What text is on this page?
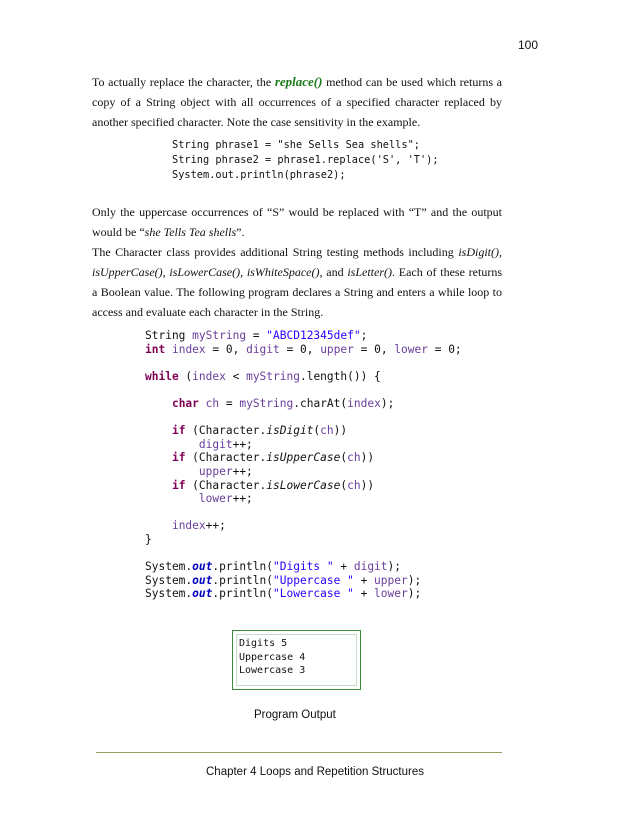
100

To actually replace the character, the replace() method can be used which returns a copy of a String object with all occurrences of a specified character replaced by another specified character. Note the case sensitivity in the example.

String phrase1 = "she Sells Sea shells";
String phrase2 = phrase1.replace('S', 'T');
System.out.println(phrase2);

Only the uppercase occurrences of “S” would be replaced with “T” and the output would be “she Tells Tea shells”.

The Character class provides additional String testing methods including isDigit(), isUpperCase(), isLowerCase(), isWhiteSpace(), and isLetter(). Each of these returns a Boolean value. The following program declares a String and enters a while loop to access and evaluate each character in the String.

String myString = "ABCD12345def";
int index = 0, digit = 0, upper = 0, lower = 0;

while (index < myString.length()) {

char ch = myString.charAt(index);

if (Character.isDigit(ch))
digit++;
if (Character.isUpperCase(ch))
upper++;
if (Character.isLowerCase(ch))
lower++;

index++;
}

System.out.println("Digits " + digit);
System.out.println("Uppercase " + upper);
System.out.println("Lowercase " + lower);
Digits 5
Uppercase 4
Lowercase 3
Program Output
Chapter 4 Loops and Repetition Structures
